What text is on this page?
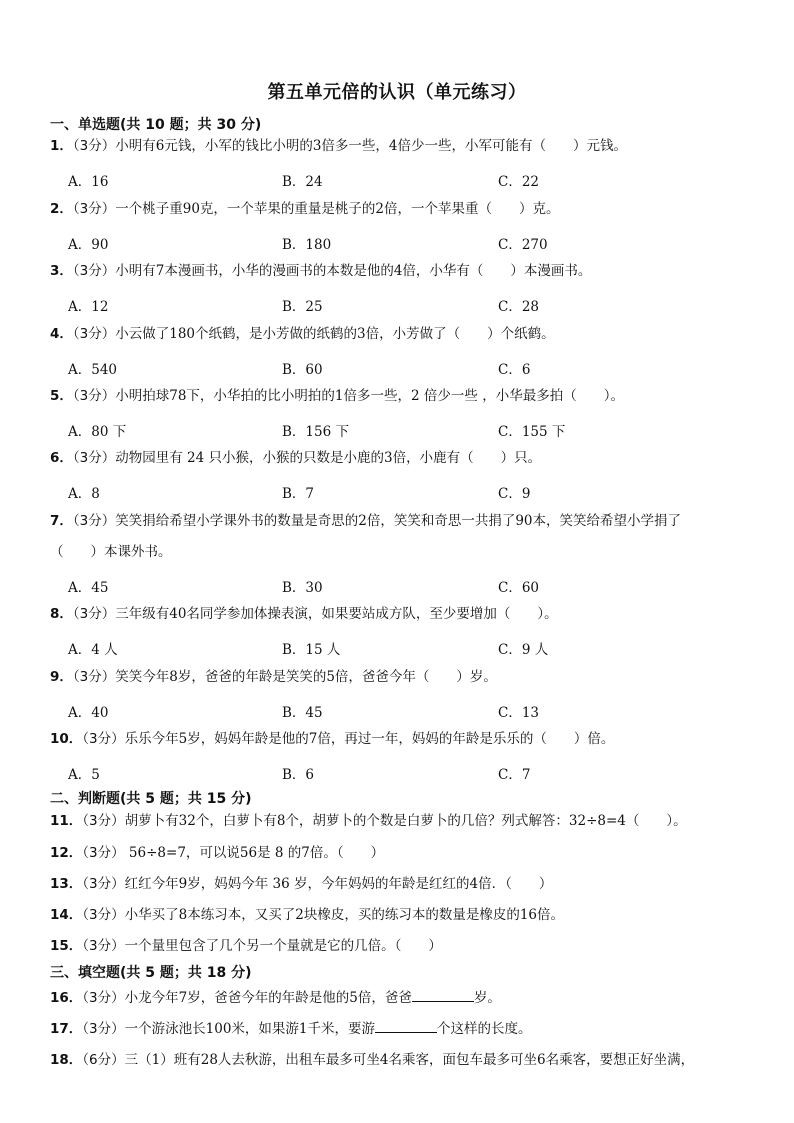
第五单元倍的认识（单元练习）
一、单选题(共 10 题；共 30 分)
1．（3分）小明有6元钱，小军的钱比小明的3倍多一些，4倍少一些，小军可能有（　　）元钱。
A．16	B．24	C．22
2．（3分）一个桃子重90克，一个苹果的重量是桃子的2倍，一个苹果重（　　）克。
A．90	B．180	C．270
3．（3分）小明有7本漫画书，小华的漫画书的本数是他的4倍，小华有（　　）本漫画书。
A．12	B．25	C．28
4．（3分）小云做了180个纸鹤，是小芳做的纸鹤的3倍，小芳做了（　　）个纸鹤。
A．540	B．60	C．6
5．（3分）小明拍球78下，小华拍的比小明拍的1倍多一些，2 倍少一些 ，小华最多拍（　　）。
A．80 下	B．156 下	C．155 下
6．（3分）动物园里有 24 只小猴，小猴的只数是小鹿的3倍，小鹿有（　　）只。
A．8	B．7	C．9
7．（3分）笑笑捐给希望小学课外书的数量是奇思的2倍，笑笑和奇思一共捐了90本，笑笑给希望小学捐了
（　　）本课外书。
A．45	B．30	C．60
8．（3分）三年级有40名同学参加体操表演，如果要站成方队，至少要增加（　　）。
A．4 人	B．15 人	C．9 人
9．（3分）笑笑今年8岁，爸爸的年龄是笑笑的5倍，爸爸今年（　　）岁。
A．40	B．45	C．13
10．（3分）乐乐今年5岁，妈妈年龄是他的7倍，再过一年，妈妈的年龄是乐乐的（　　）倍。
A．5	B．6	C．7
二、判断题(共 5 题；共 15 分)
11．（3分）胡萝卜有32个，白萝卜有8个，胡萝卜的个数是白萝卜的几倍？列式解答：32÷8=4（　　）。
12．（3分） 56÷8=7，可以说56是 8 的7倍。（　　）
13．（3分）红红今年9岁，妈妈今年 36 岁，今年妈妈的年龄是红红的4倍．（　　）
14．（3分）小华买了8本练习本，又买了2块橡皮，买的练习本的数量是橡皮的16倍。
15．（3分）一个量里包含了几个另一个量就是它的几倍。（　　）
三、填空题(共 5 题；共 18 分)
16．（3分）小龙今年7岁，爸爸今年的年龄是他的5倍，爸爸	岁。
17．（3分）一个游泳池长100米，如果游1千米，要游	个这样的长度。
18．（6分）三（1）班有28人去秋游，出租车最多可坐4名乘客，面包车最多可坐6名乘客，要想正好坐满，
